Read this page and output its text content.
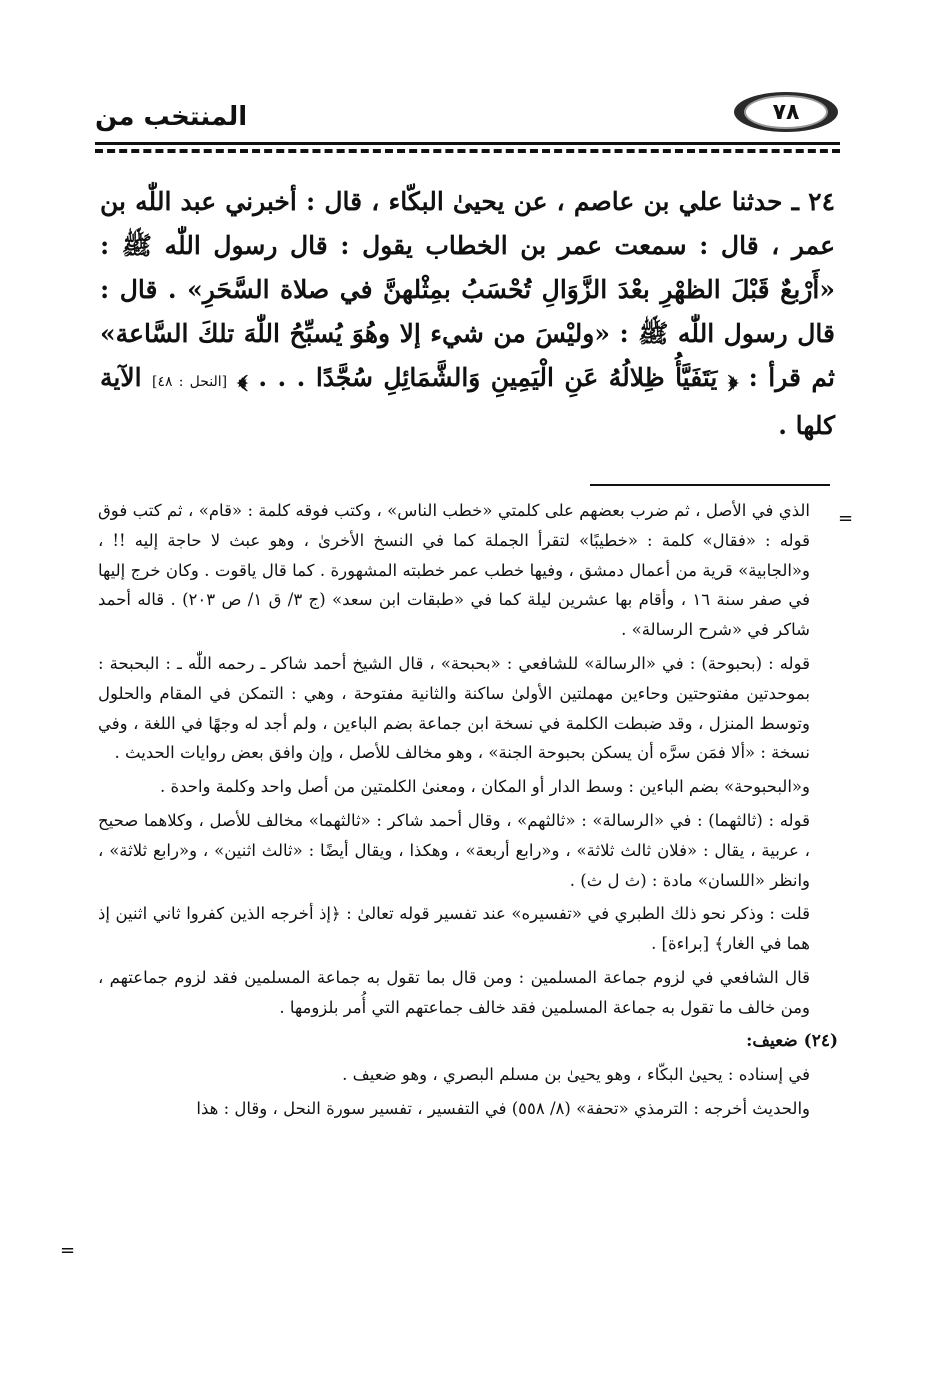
المنتخب من	٧٨

٢٤ ـ حدثنا علي بن عاصم ، عن يحيىٰ البكّاء ، قال : أخبرني عبد اللّٰه بن عمر ، قال : سمعت عمر بن الخطاب يقول : قال رسول اللّٰه ﷺ : «أَرْبعٌ قَبْلَ الظهْرِ بعْدَ الزَّوَالِ تُحْسَبُ بمِثْلهنَّ في صلاة السَّحَرِ» . قال : قال رسول اللّٰه ﷺ : «وليْسَ من شيء إلا وهُوَ يُسبِّحُ اللّٰهَ تلكَ السَّاعة» ثم قرأ : ﴿ يَتَفَيَّأُ ظِلالُهُ عَنِ الْيَمِينِ وَالشَّمَائِلِ سُجَّدًا . . . ﴾ [النحل : ٤٨] الآية كلها .

=

الذي في الأصل ، ثم ضرب بعضهم على كلمتي «خطب الناس» ، وكتب فوقه كلمة : «قام» ، ثم كتب فوق قوله : «فقال» كلمة : «خطيبًا» لتقرأ الجملة كما في النسخ الأخرىٰ ، وهو عبث لا حاجة إليه !! ، و«الجابية» قرية من أعمال دمشق ، وفيها خطب عمر خطبته المشهورة . كما قال ياقوت . وكان خرج إليها في صفر سنة ١٦ ، وأقام بها عشرين ليلة كما في «طبقات ابن سعد» (ج ٣/ ق ١/ ص ٢٠٣) . قاله أحمد شاكر في «شرح الرسالة» .

قوله : (بحبوحة) : في «الرسالة» للشافعي : «بحبحة» ، قال الشيخ أحمد شاكر ـ رحمه اللّٰه ـ : البحبحة : بموحدتين مفتوحتين وحاءين مهملتين الأولىٰ ساكنة والثانية مفتوحة ، وهي : التمكن في المقام والحلول وتوسط المنزل ، وقد ضبطت الكلمة في نسخة ابن جماعة بضم الباءين ، ولم أجد له وجهًا في اللغة ، وفي نسخة : «ألا فمَن سرَّه أن يسكن بحبوحة الجنة» ، وهو مخالف للأصل ، وإن وافق بعض روايات الحديث .

و«البحبوحة» بضم الباءين : وسط الدار أو المكان ، ومعنىٰ الكلمتين من أصل واحد وكلمة واحدة .

قوله : (ثالثهما) : في «الرسالة» : «ثالثهم» ، وقال أحمد شاكر : «ثالثهما» مخالف للأصل ، وكلاهما صحيح ، عربية ، يقال : «فلان ثالث ثلاثة» ، و«رابع أربعة» ، وهكذا ، ويقال أيضًا : «ثالث اثنين» ، و«رابع ثلاثة» ، وانظر «اللسان» مادة : (ث ل ث) .

قلت : وذكر نحو ذلك الطبري في «تفسيره» عند تفسير قوله تعالىٰ : ﴿إذ أخرجه الذين كفروا ثاني اثنين إذ هما في الغار﴾ [براءة] .

قال الشافعي في لزوم جماعة المسلمين : ومن قال بما تقول به جماعة المسلمين فقد لزوم جماعتهم ، ومن خالف ما تقول به جماعة المسلمين فقد خالف جماعتهم التي أُمر بلزومها .

(٢٤) ضعيف:

في إسناده : يحيىٰ البكّاء ، وهو يحيىٰ بن مسلم البصري ، وهو ضعيف .

والحديث أخرجه : الترمذي «تحفة» (٨/ ٥٥٨) في التفسير ، تفسير سورة النحل ، وقال : هذا

=
